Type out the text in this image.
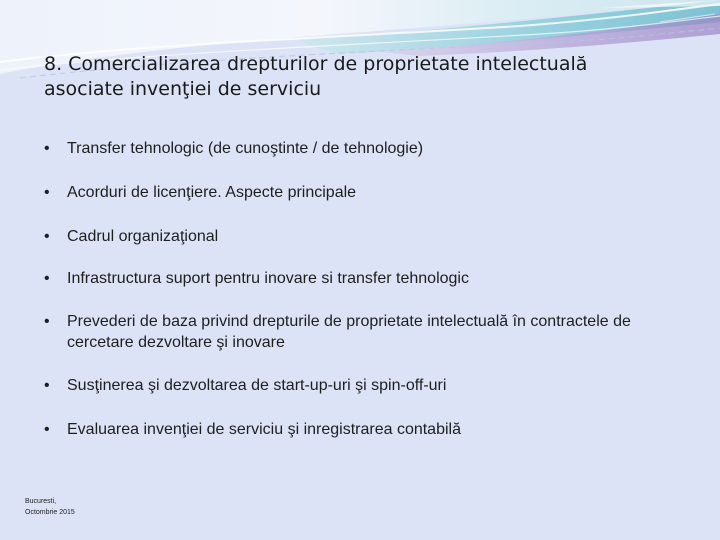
8. Comercializarea drepturilor de proprietate intelectuală
asociate invenţiei de serviciu
•	Transfer tehnologic (de cunoştinte / de tehnologie)
•	Acorduri de licenţiere. Aspecte principale
•	Cadrul organizaţional
•	Infrastructura suport pentru inovare si transfer tehnologic
•	Prevederi de baza privind drepturile de proprietate intelectuală în contractele de cercetare dezvoltare şi inovare
•	Susţinerea şi dezvoltarea de start-up-uri şi spin-off-uri
•	Evaluarea invenţiei de serviciu şi inregistrarea contabilă
Bucuresti,
Octombrie 2015
